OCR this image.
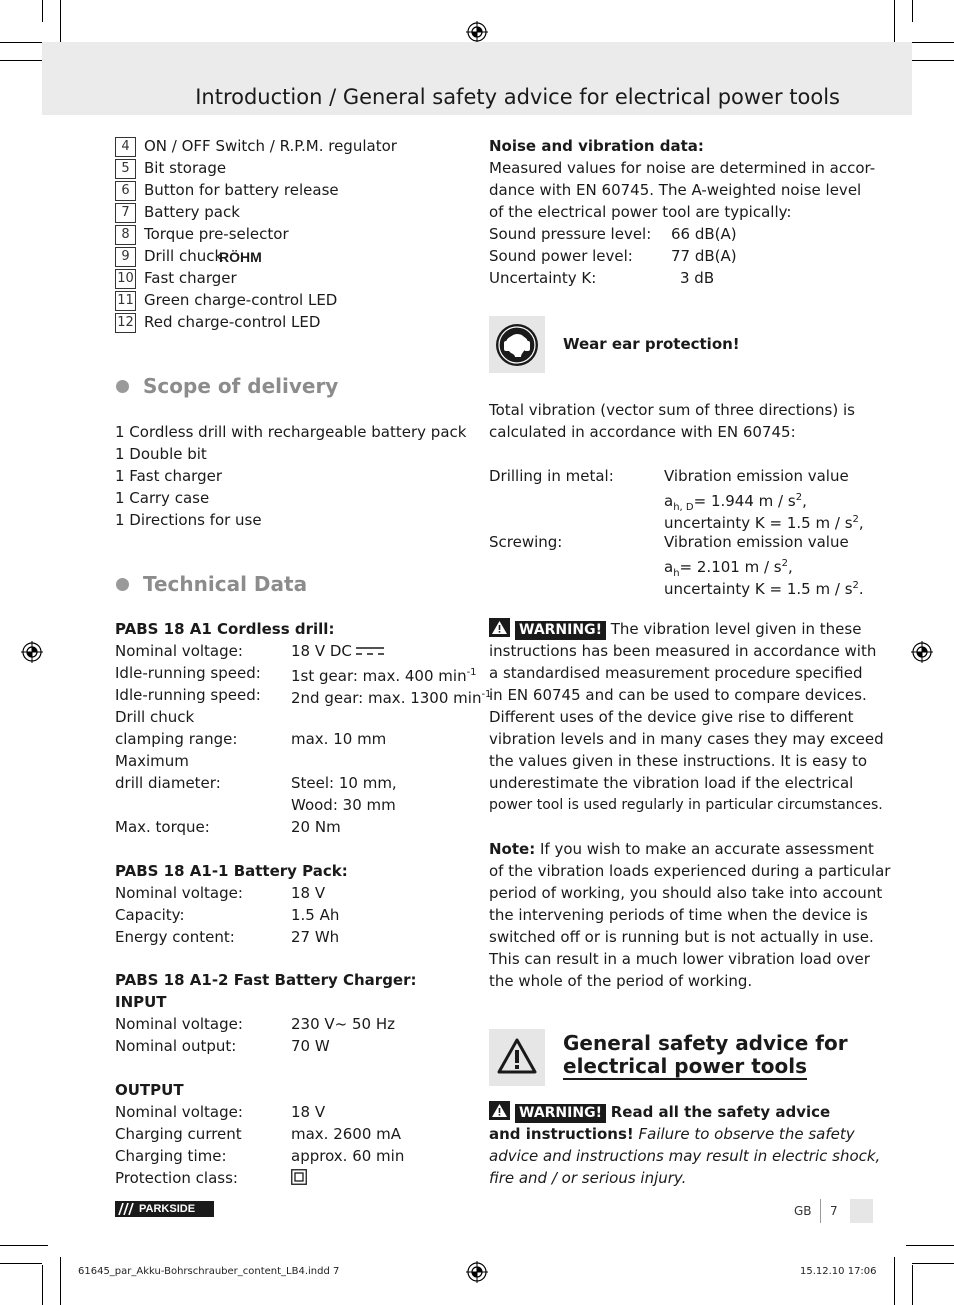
Introduction / General safety advice for electrical power tools
4 ON / OFF Switch / R.P.M. regulator
5 Bit storage
6 Button for battery release
7 Battery pack
8 Torque pre-selector
9 Drill chuck
RÖHM
10 Fast charger
11 Green charge-control LED
12 Red charge-control LED
Scope of delivery
1 Cordless drill with rechargeable battery pack
1 Double bit
1 Fast charger
1 Carry case
1 Directions for use
Technical Data
PABS 18 A1 Cordless drill:
Nominal voltage:	18 V DC
Idle-running speed: 1st gear: max. 400 $\min^{-1}$
Idle-running speed: 2nd gear: max. 1300 $\min^{-1}$
Drill chuck
clamping range:	max. 10 mm
Maximum
drill diameter:	Steel: 10 mm,
Wood: 30 mm
Max. torque:	20 Nm
PABS 18 A1-1 Battery Pack:
Nominal voltage:	18 V
Capacity:	1.5 Ah
Energy content:	27 Wh
PABS 18 A1-2 Fast Battery Charger:
INPUT
Nominal voltage:	230 V~ 50 Hz
Nominal output:	70 W
OUTPUT
Nominal voltage:	18 V
Charging current	max. 2600 mA
Charging time:	approx. 60 min
Protection class:
PARKSIDE
Noise and vibration data:
Measured values for noise are determined in accor-
dance with EN 60745. The A-weighted noise level
of the electrical power tool are typically:
Sound pressure level: 66 dB(A)
Sound power level:	77 dB(A)
Uncertainty K:	3 dB
Wear ear protection!
Total vibration (vector sum of three directions) is
calculated in accordance with EN 60745:
Drilling in metal:	Vibration emission value
$a_{h, D}= 1.944$ m / $s^2$,
uncertainty K = 1.5 m / $s^2$,
Screwing:	Vibration emission value
$a_h= 2.101$ m / $s^2$,
uncertainty K = 1.5 m / $s^2$.
WARNING! The vibration level given in these
instructions has been measured in accordance with
a standardised measurement procedure specified
in EN 60745 and can be used to compare devices.
Different uses of the device give rise to different
vibration levels and in many cases they may exceed
the values given in these instructions. It is easy to
underestimate the vibration load if the electrical
power tool is used regularly in particular circumstances.
Note: If you wish to make an accurate assessment
of the vibration loads experienced during a particular
period of working, you should also take into account
the intervening periods of time when the device is
switched off or is running but is not actually in use.
This can result in a much lower vibration load over
the whole of the period of working.
General safety advice for
electrical power tools
WARNING! Read all the safety advice
and instructions! Failure to observe the safety
advice and instructions may result in electric shock,
fire and / or serious injury.
GB 7
61645_par_Akku-Bohrschrauber_content_LB4.indd 7	15.12.10 17:06
